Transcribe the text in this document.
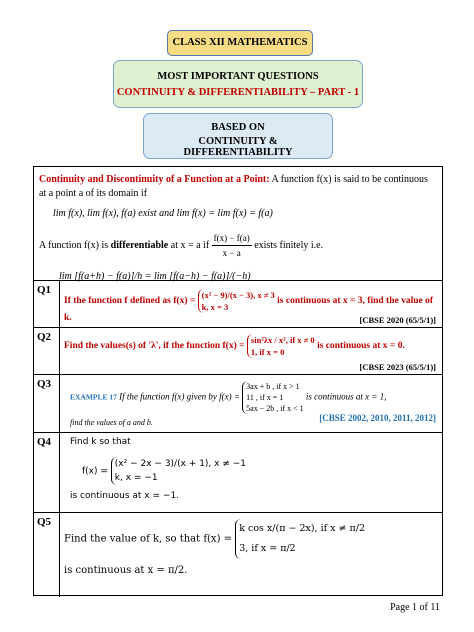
CLASS XII MATHEMATICS
MOST IMPORTANT QUESTIONS
CONTINUITY & DIFFERENTIABILITY – PART - 1
BASED ON
CONTINUITY & DIFFERENTIABILITY
Continuity and Discontinuity of a Function at a Point: A function f(x) is said to be continuous at a point a of its domain if
lim f(x), lim f(x), f(a) exist and lim f(x) = lim f(x) = f(a)
A function f(x) is differentiable at x = a if $\frac{f(x) - f(a)}{x - a}$ exists finitely i.e.
lim [f(a+h) − f(a)]/h = lim [f(a−h) − f(a)]/(−h)
Q1
If the function f defined as f(x) =
(x² − 9)/(x − 3), x ≠ 3
k, x = 3
is continuous at x = 3, find the value of k.	[CBSE 2020 (65/5/1)]
Q2
Find the values(s) of 'λ', if the function f(x) =
sin²λx / x², if x ≠ 0
1, if x = 0
is continuous at x = 0.
[CBSE 2023 (65/5/1)]
Q3
EXAMPLE 17 If the function f(x) given by f(x) =
3ax + b , if x > 1
11 , if x = 1
5ax − 2b , if x < 1
is continuous at x = 1,
find the values of a and b.	[CBSE 2002, 2010, 2011, 2012]
Q4	Find k so that
f(x) =
(x² − 2x − 3)/(x + 1), x ≠ −1
k, x = −1
is continuous at x = −1.
Q5
Find the value of k, so that f(x) =
k cos x/(π − 2x), if x ≠ π/2
3, if x = π/2
is continuous at x = π/2.
Page 1 of 11
